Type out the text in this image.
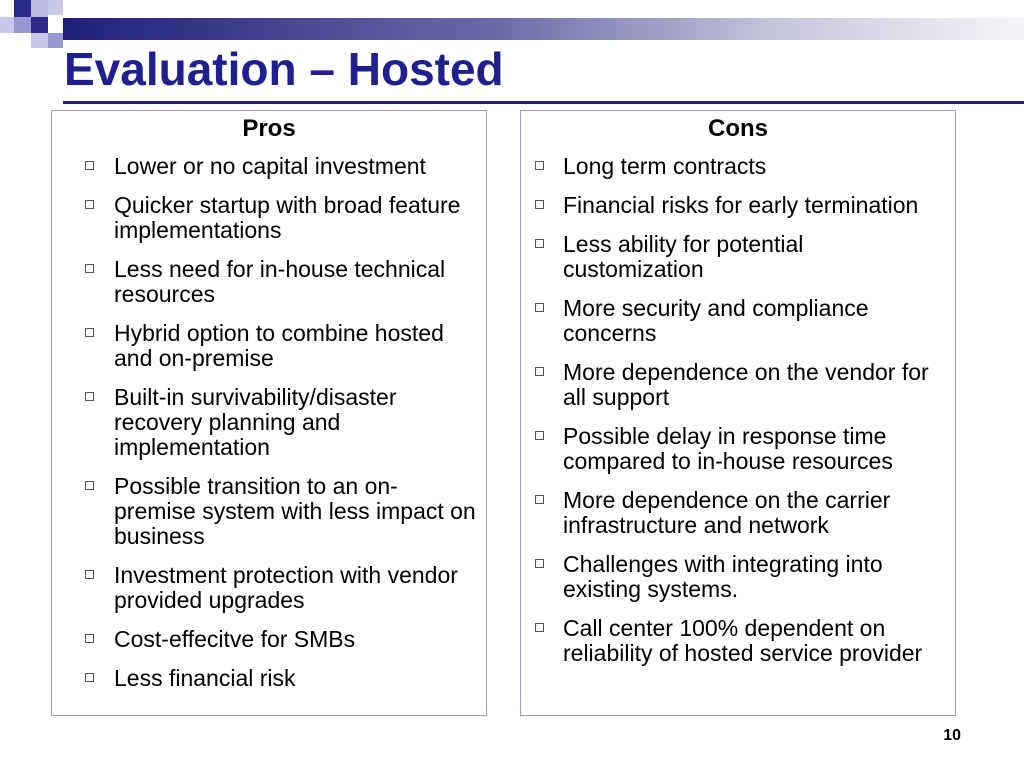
Evaluation – Hosted
Pros
Lower or no capital investment
Quicker startup with broad feature implementations
Less need for in-house technical resources
Hybrid option to combine hosted and on-premise
Built-in survivability/disaster recovery planning and implementation
Possible transition to an on-premise system with less impact on business
Investment protection with vendor provided upgrades
Cost-effecitve for SMBs
Less financial risk
Cons
Long term contracts
Financial risks for early termination
Less ability for potential customization
More security and compliance concerns
More dependence on the vendor for all support
Possible delay in response time compared to in-house resources
More dependence on the carrier infrastructure and network
Challenges with integrating into existing systems.
Call center 100% dependent on reliability of hosted service provider
10
